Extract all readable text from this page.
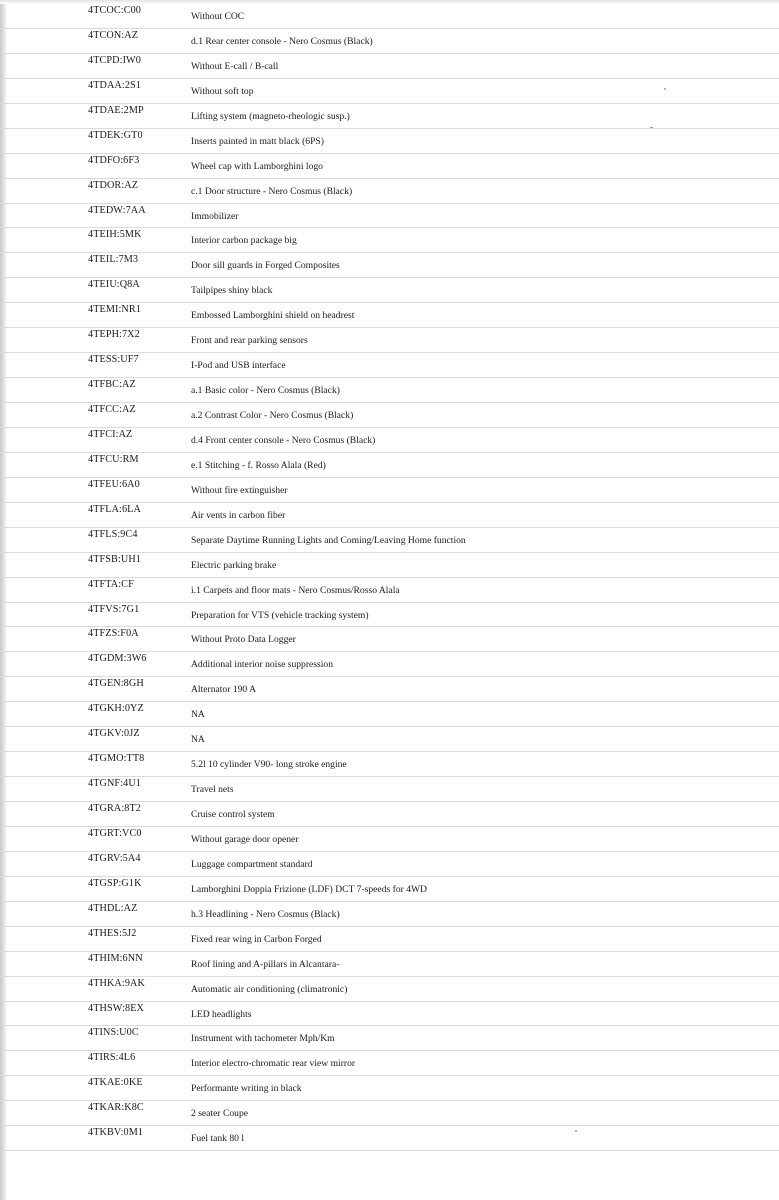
4TCOC:C00
Without COC
4TCON:AZ
d.1 Rear center console - Nero Cosmus (Black)
4TCPD:IW0
Without E-call / B-call
4TDAA:2S1
Without soft top
4TDAE:2MP
Lifting system (magneto-rheologic susp.)
4TDEK:GT0
Inserts painted in matt black (6PS)
4TDFO:6F3
Wheel cap with Lamborghini logo
4TDOR:AZ
c.1 Door structure - Nero Cosmus (Black)
4TEDW:7AA
Immobilizer
4TEIH:5MK
Interior carbon package big
4TEIL:7M3
Door sill guards in Forged Composites
4TEIU:Q8A
Tailpipes shiny black
4TEMI:NR1
Embossed Lamborghini shield on headrest
4TEPH:7X2
Front and rear parking sensors
4TESS:UF7
I-Pod and USB interface
4TFBC:AZ
a.1 Basic color - Nero Cosmus (Black)
4TFCC:AZ
a.2 Contrast Color - Nero Cosmus (Black)
4TFCI:AZ
d.4 Front center console - Nero Cosmus (Black)
4TFCU:RM
e.1 Stitching - f. Rosso Alala (Red)
4TFEU:6A0
Without fire extinguisher
4TFLA:6LA
Air vents in carbon fiber
4TFLS:9C4
Separate Daytime Running Lights and Coming/Leaving Home function
4TFSB:UH1
Electric parking brake
4TFTA:CF
i.1 Carpets and floor mats - Nero Cosmus/Rosso Alala
4TFVS:7G1
Preparation for VTS (vehicle tracking system)
4TFZS:F0A
Without Proto Data Logger
4TGDM:3W6
Additional interior noise suppression
4TGEN:8GH
Alternator 190 A
4TGKH:0YZ
NA
4TGKV:0JZ
NA
4TGMO:TT8
5.2l 10 cylinder V90- long stroke engine
4TGNF:4U1
Travel nets
4TGRA:8T2
Cruise control system
4TGRT:VC0
Without garage door opener
4TGRV:5A4
Luggage compartment standard
4TGSP:G1K
Lamborghini Doppia Frizione (LDF) DCT 7-speeds for 4WD
4THDL:AZ
h.3 Headlining - Nero Cosmus (Black)
4THES:5J2
Fixed rear wing in Carbon Forged
4THIM:6NN
Roof lining and A-pillars in Alcantara-
4THKA:9AK
Automatic air conditioning (climatronic)
4THSW:8EX
LED headlights
4TINS:U0C
Instrument with tachometer Mph/Km
4TIRS:4L6
Interior electro-chromatic rear view mirror
4TKAE:0KE
Performante writing in black
4TKAR:K8C
2 seater Coupe
4TKBV:0M1
Fuel tank 80 l
